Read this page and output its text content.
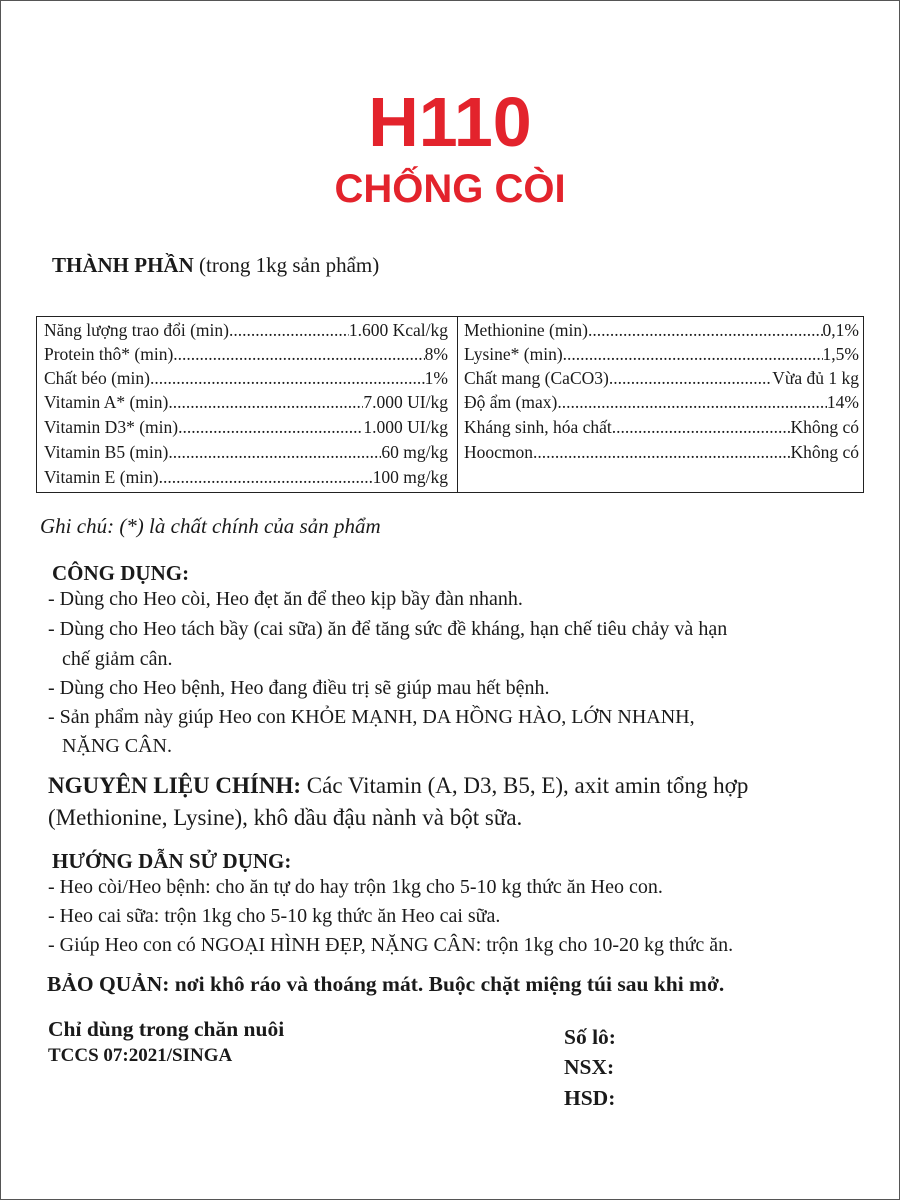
H110
CHỐNG CÒI
THÀNH PHẦN (trong 1kg sản phẩm)
Năng lượng trao đổi (min) .....	1.600 Kcal/kg
Protein thô* (min) .....	8%
Chất béo (min) .....	1%
Vitamin A* (min) .....	7.000 UI/kg
Vitamin D3* (min) .....	1.000 UI/kg
Vitamin B5 (min) .....	60 mg/kg
Vitamin E (min) .....	100 mg/kg
Methionine (min) .....	0,1%
Lysine* (min) .....	1,5%
Chất mang (CaCO3) .....	Vừa đủ 1 kg
Độ ẩm (max) .....	14%
Kháng sinh, hóa chất .....	Không có
Hoocmon .....	Không có
Ghi chú: (*) là chất chính của sản phẩm
CÔNG DỤNG:
- Dùng cho Heo còi, Heo đẹt ăn để theo kịp bầy đàn nhanh.
- Dùng cho Heo tách bầy (cai sữa) ăn để tăng sức đề kháng, hạn chế tiêu chảy và hạn
chế giảm cân.
- Dùng cho Heo bệnh, Heo đang điều trị sẽ giúp mau hết bệnh.
- Sản phẩm này giúp Heo con KHỎE MẠNH, DA HỒNG HÀO, LỚN NHANH,
NẶNG CÂN.
NGUYÊN LIỆU CHÍNH: Các Vitamin (A, D3, B5, E), axit amin tổng hợp (Methionine, Lysine), khô dầu đậu nành và bột sữa.
HƯỚNG DẪN SỬ DỤNG:
- Heo còi/Heo bệnh: cho ăn tự do hay trộn 1kg cho 5-10 kg thức ăn Heo con.
- Heo cai sữa: trộn 1kg cho 5-10 kg thức ăn Heo cai sữa.
- Giúp Heo con có NGOẠI HÌNH ĐẸP, NẶNG CÂN: trộn 1kg cho 10-20 kg thức ăn.
BẢO QUẢN: nơi khô ráo và thoáng mát. Buộc chặt miệng túi sau khi mở.
Chỉ dùng trong chăn nuôi
TCCS 07:2021/SINGA
Số lô:
NSX:
HSD:
